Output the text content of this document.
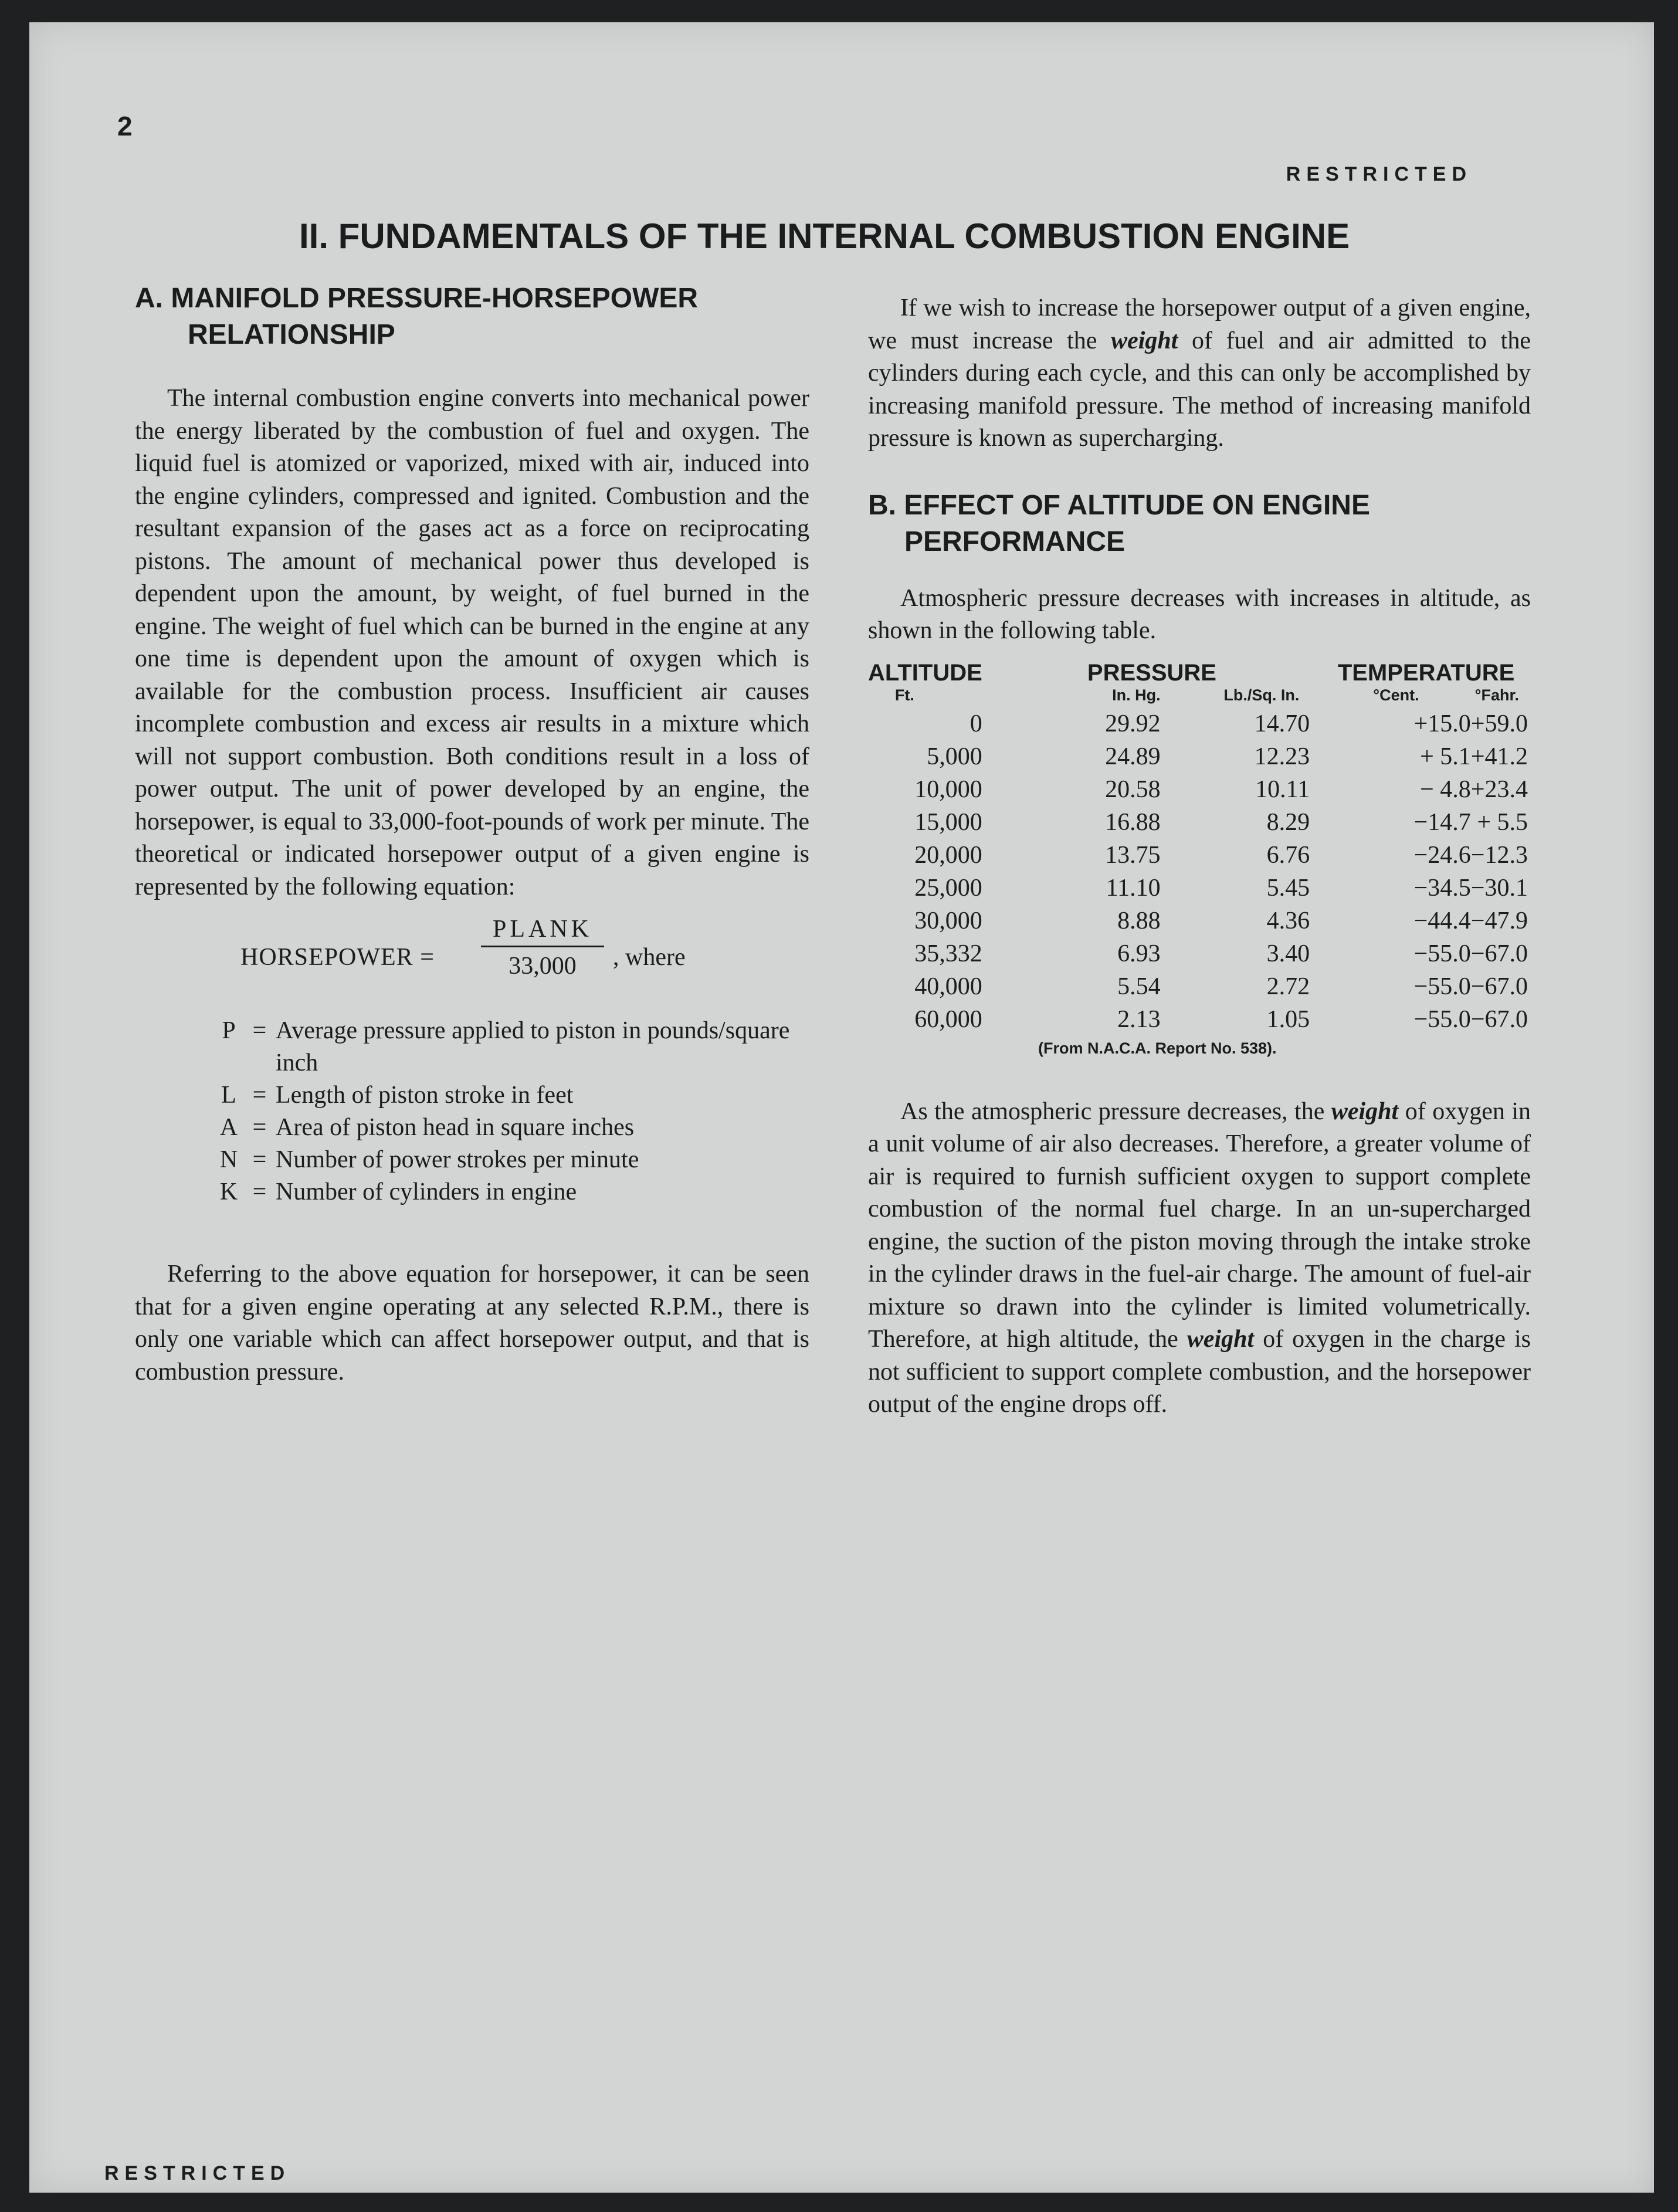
2
RESTRICTED
II. FUNDAMENTALS OF THE INTERNAL COMBUSTION ENGINE
A. MANIFOLD PRESSURE-HORSEPOWER
RELATIONSHIP

The internal combustion engine converts into mechanical power the energy liberated by the combustion of fuel and oxygen. The liquid fuel is atomized or vaporized, mixed with air, induced into the engine cylinders, compressed and ignited. Combustion and the resultant expansion of the gases act as a force on reciprocating pistons. The amount of mechanical power thus developed is dependent upon the amount, by weight, of fuel burned in the engine. The weight of fuel which can be burned in the engine at any one time is dependent upon the amount of oxygen which is available for the combustion process. Insufficient air causes incomplete combustion and excess air results in a mixture which will not support combustion. Both conditions result in a loss of power output. The unit of power developed by an engine, the horsepower, is equal to 33,000-foot-pounds of work per minute. The theoretical or indicated horsepower output of a given engine is represented by the following equation:

HORSEPOWER =
PLANK
33,000	, where
P = Average pressure applied to piston in pounds/square inch
L = Length of piston stroke in feet
A = Area of piston head in square inches
N = Number of power strokes per minute
K = Number of cylinders in engine

Referring to the above equation for horsepower, it can be seen that for a given engine operating at any selected R.P.M., there is only one variable which can affect horsepower output, and that is combustion pressure.

If we wish to increase the horsepower output of a given engine, we must increase the weight of fuel and air admitted to the cylinders during each cycle, and this can only be accomplished by increasing manifold pressure. The method of increasing manifold pressure is known as supercharging.

B. EFFECT OF ALTITUDE ON ENGINE
PERFORMANCE

Atmospheric pressure decreases with increases in altitude, as shown in the following table.

ALTITUDE	PRESSURE		TEMPERATURE	
Ft.	In. Hg.	Lb./Sq. In.	°Cent.	°Fahr.
0	29.92	14.70	+15.0	+59.0
5,000	24.89	12.23	+ 5.1	+41.2
10,000	20.58	10.11	− 4.8	+23.4
15,000	16.88	8.29	−14.7	+ 5.5
20,000	13.75	6.76	−24.6	−12.3
25,000	11.10	5.45	−34.5	−30.1
30,000	8.88	4.36	−44.4	−47.9
35,332	6.93	3.40	−55.0	−67.0
40,000	5.54	2.72	−55.0	−67.0
60,000	2.13	1.05	−55.0	−67.0
(From N.A.C.A. Report No. 538).

As the atmospheric pressure decreases, the weight of oxygen in a unit volume of air also decreases. Therefore, a greater volume of air is required to furnish sufficient oxygen to support complete combustion of the normal fuel charge. In an un-supercharged engine, the suction of the piston moving through the intake stroke in the cylinder draws in the fuel-air charge. The amount of fuel-air mixture so drawn into the cylinder is limited volumetrically. Therefore, at high altitude, the weight of oxygen in the charge is not sufficient to support complete combustion, and the horsepower output of the engine drops off.

RESTRICTED
